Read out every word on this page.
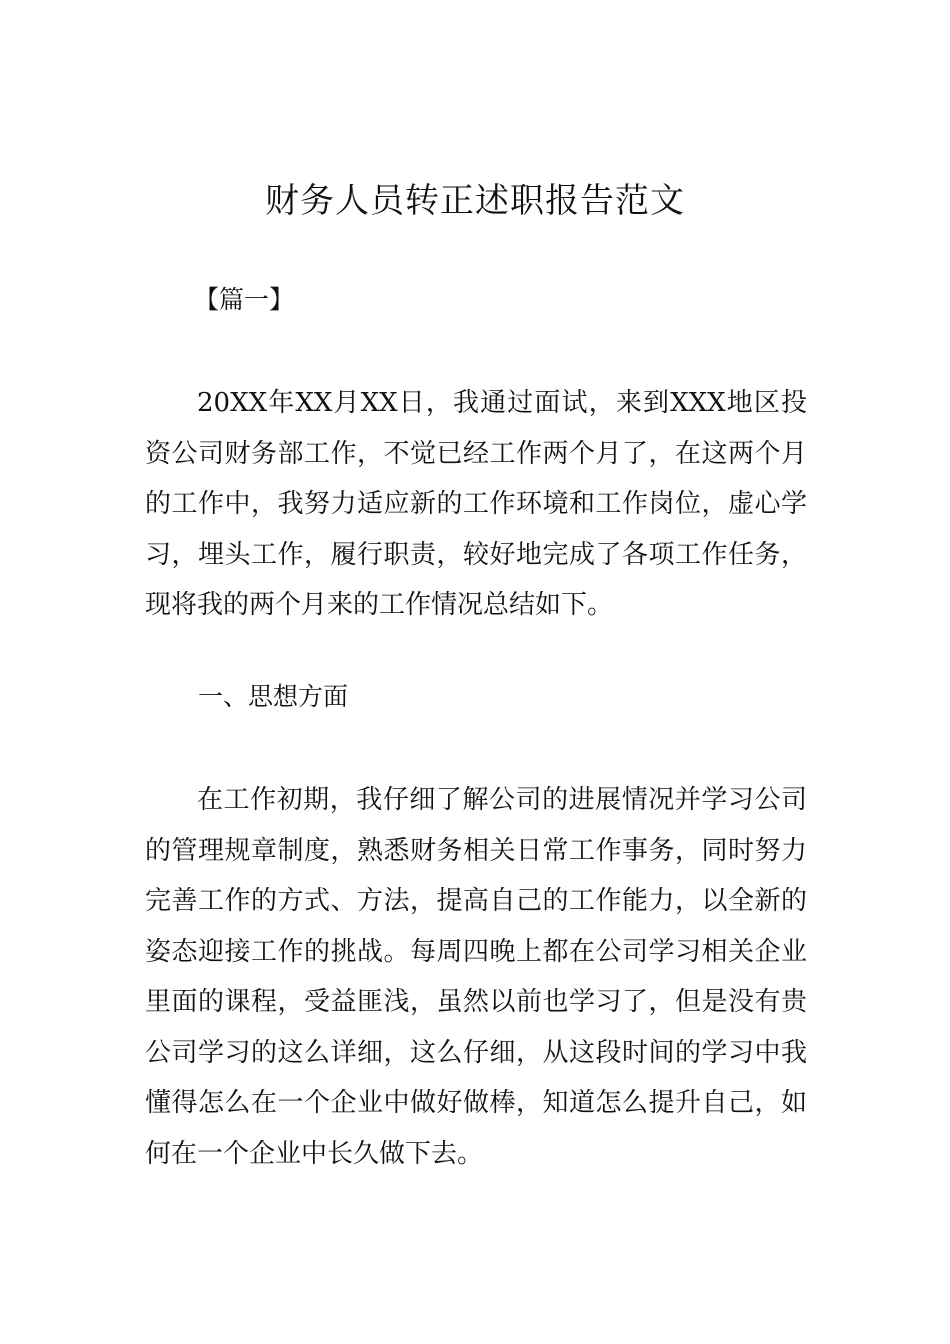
财务人员转正述职报告范文
【篇一】

20XX年XX月XX日，我通过面试，来到XXX地区投资公司财务部工作，不觉已经工作两个月了，在这两个月的工作中，我努力适应新的工作环境和工作岗位，虚心学习，埋头工作，履行职责，较好地完成了各项工作任务，现将我的两个月来的工作情况总结如下。

一、思想方面

在工作初期，我仔细了解公司的进展情况并学习公司的管理规章制度，熟悉财务相关日常工作事务，同时努力完善工作的方式、方法，提高自己的工作能力，以全新的姿态迎接工作的挑战。每周四晚上都在公司学习相关企业里面的课程，受益匪浅，虽然以前也学习了，但是没有贵公司学习的这么详细，这么仔细，从这段时间的学习中我懂得怎么在一个企业中做好做棒，知道怎么提升自己，如何在一个企业中长久做下去。
